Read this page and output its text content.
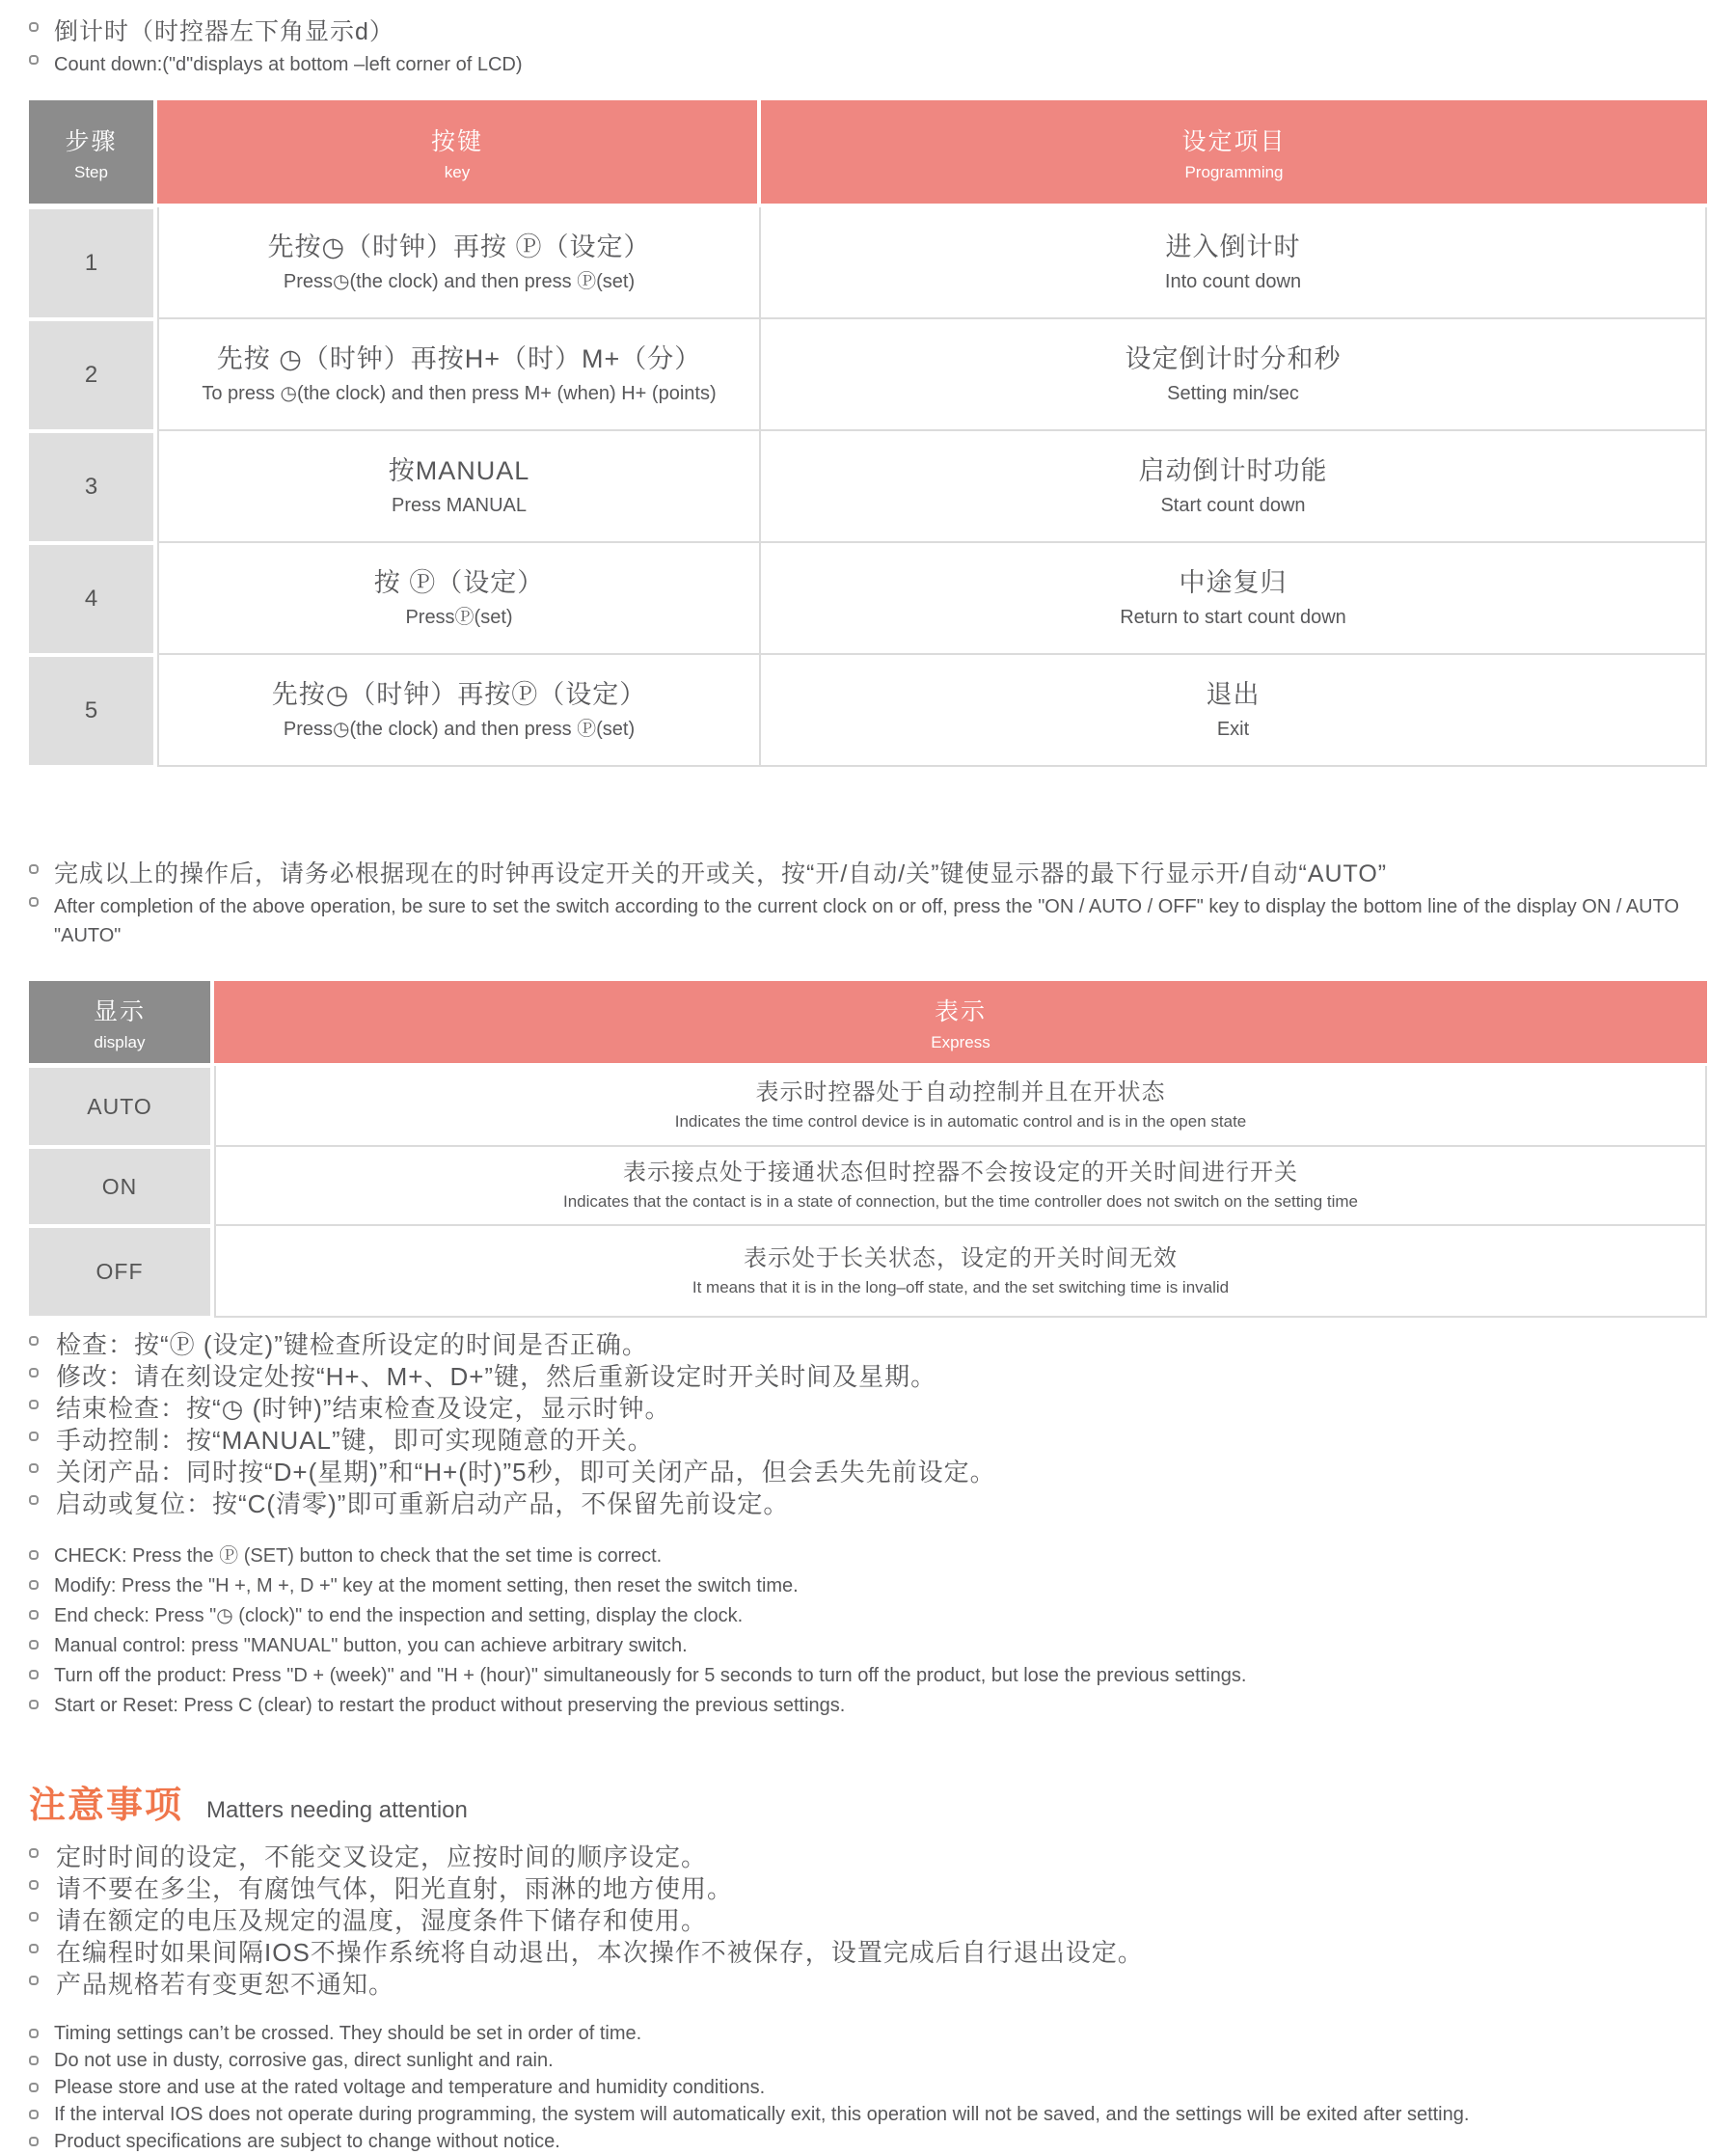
倒计时（时控器左下角显示d）
Count down:("d"displays at bottom –left corner of LCD)
步骤
Step
按键
key
设定项目
Programming
1
先按◷（时钟）再按 Ⓟ（设定）
Press◷(the clock) and then press Ⓟ(set)
进入倒计时
Into count down
2
先按 ◷（时钟）再按H+（时）M+（分）
To press ◷(the clock) and then press M+ (when) H+ (points)
设定倒计时分和秒
Setting min/sec
3
按MANUAL
Press MANUAL
启动倒计时功能
Start count down
4
按 Ⓟ（设定）
PressⓅ(set)
中途复归
Return to start count down
5
先按◷（时钟）再按Ⓟ（设定）
Press◷(the clock) and then press Ⓟ(set)
退出
Exit
完成以上的操作后，请务必根据现在的时钟再设定开关的开或关，按“开/自动/关”键使显示器的最下行显示开/自动“AUTO”
After completion of the above operation, be sure to set the switch according to the current clock on or off, press the "ON / AUTO / OFF" key to display the bottom line of the display ON / AUTO "AUTO"
显示
display
表示
Express
AUTO
表示时控器处于自动控制并且在开状态
Indicates the time control device is in automatic control and is in the open state
ON
表示接点处于接通状态但时控器不会按设定的开关时间进行开关
Indicates that the contact is in a state of connection, but the time controller does not switch on the setting time
OFF
表示处于长关状态，设定的开关时间无效
It means that it is in the long–off state, and the set switching time is invalid
检查：按“Ⓟ (设定)”键检查所设定的时间是否正确。
修改：请在刻设定处按“H+、M+、D+”键，然后重新设定时开关时间及星期。
结束检查：按“◷ (时钟)”结束检查及设定，显示时钟。
手动控制：按“MANUAL”键，即可实现随意的开关。
关闭产品：同时按“D+(星期)”和“H+(时)”5秒，即可关闭产品，但会丢失先前设定。
启动或复位：按“C(清零)”即可重新启动产品，不保留先前设定。
CHECK: Press the Ⓟ (SET) button to check that the set time is correct.
Modify: Press the "H +, M +, D +" key at the moment setting, then reset the switch time.
End check: Press "◷ (clock)" to end the inspection and setting, display the clock.
Manual control: press "MANUAL" button, you can achieve arbitrary switch.
Turn off the product: Press "D + (week)" and "H + (hour)" simultaneously for 5 seconds to turn off the product, but lose the previous settings.
Start or Reset: Press C (clear) to restart the product without preserving the previous settings.
注意事项 Matters needing attention
定时时间的设定，不能交叉设定，应按时间的顺序设定。
请不要在多尘，有腐蚀气体，阳光直射，雨淋的地方使用。
请在额定的电压及规定的温度，湿度条件下储存和使用。
在编程时如果间隔IOS不操作系统将自动退出，本次操作不被保存，设置完成后自行退出设定。
产品规格若有变更恕不通知。
Timing settings can’t be crossed. They should be set in order of time.
Do not use in dusty, corrosive gas, direct sunlight and rain.
Please store and use at the rated voltage and temperature and humidity conditions.
If the interval IOS does not operate during programming, the system will automatically exit, this operation will not be saved, and the settings will be exited after setting.
Product specifications are subject to change without notice.
